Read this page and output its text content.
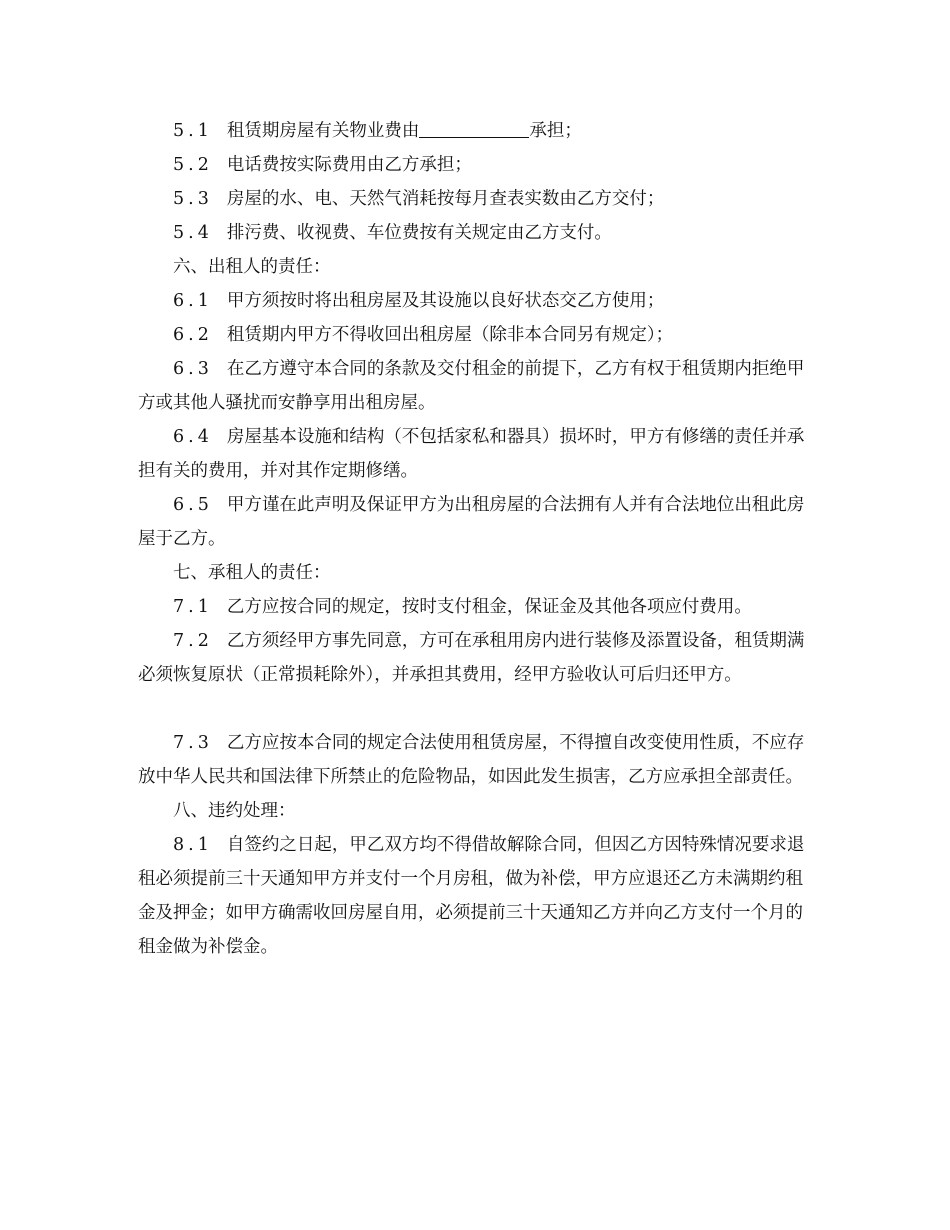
5.1 租赁期房屋有关物业费由	承担；

5.2 电话费按实际费用由乙方承担；

5.3 房屋的水、电、天然气消耗按每月查表实数由乙方交付；

5.4 排污费、收视费、车位费按有关规定由乙方支付。

六、出租人的责任：

6.1 甲方须按时将出租房屋及其设施以良好状态交乙方使用；

6.2 租赁期内甲方不得收回出租房屋（除非本合同另有规定）；

6.3 在乙方遵守本合同的条款及交付租金的前提下，乙方有权于租赁期内拒绝甲方或其他人骚扰而安静享用出租房屋。

6.4 房屋基本设施和结构（不包括家私和器具）损坏时，甲方有修缮的责任并承担有关的费用，并对其作定期修缮。

6.5 甲方谨在此声明及保证甲方为出租房屋的合法拥有人并有合法地位出租此房屋于乙方。

七、承租人的责任：

7.1 乙方应按合同的规定，按时支付租金，保证金及其他各项应付费用。

7.2 乙方须经甲方事先同意，方可在承租用房内进行装修及添置设备，租赁期满必须恢复原状（正常损耗除外），并承担其费用，经甲方验收认可后归还甲方。

7.3 乙方应按本合同的规定合法使用租赁房屋，不得擅自改变使用性质，不应存放中华人民共和国法律下所禁止的危险物品，如因此发生损害，乙方应承担全部责任。

八、违约处理：

8.1 自签约之日起，甲乙双方均不得借故解除合同，但因乙方因特殊情况要求退租必须提前三十天通知甲方并支付一个月房租，做为补偿，甲方应退还乙方未满期约租金及押金；如甲方确需收回房屋自用，必须提前三十天通知乙方并向乙方支付一个月的租金做为补偿金。
